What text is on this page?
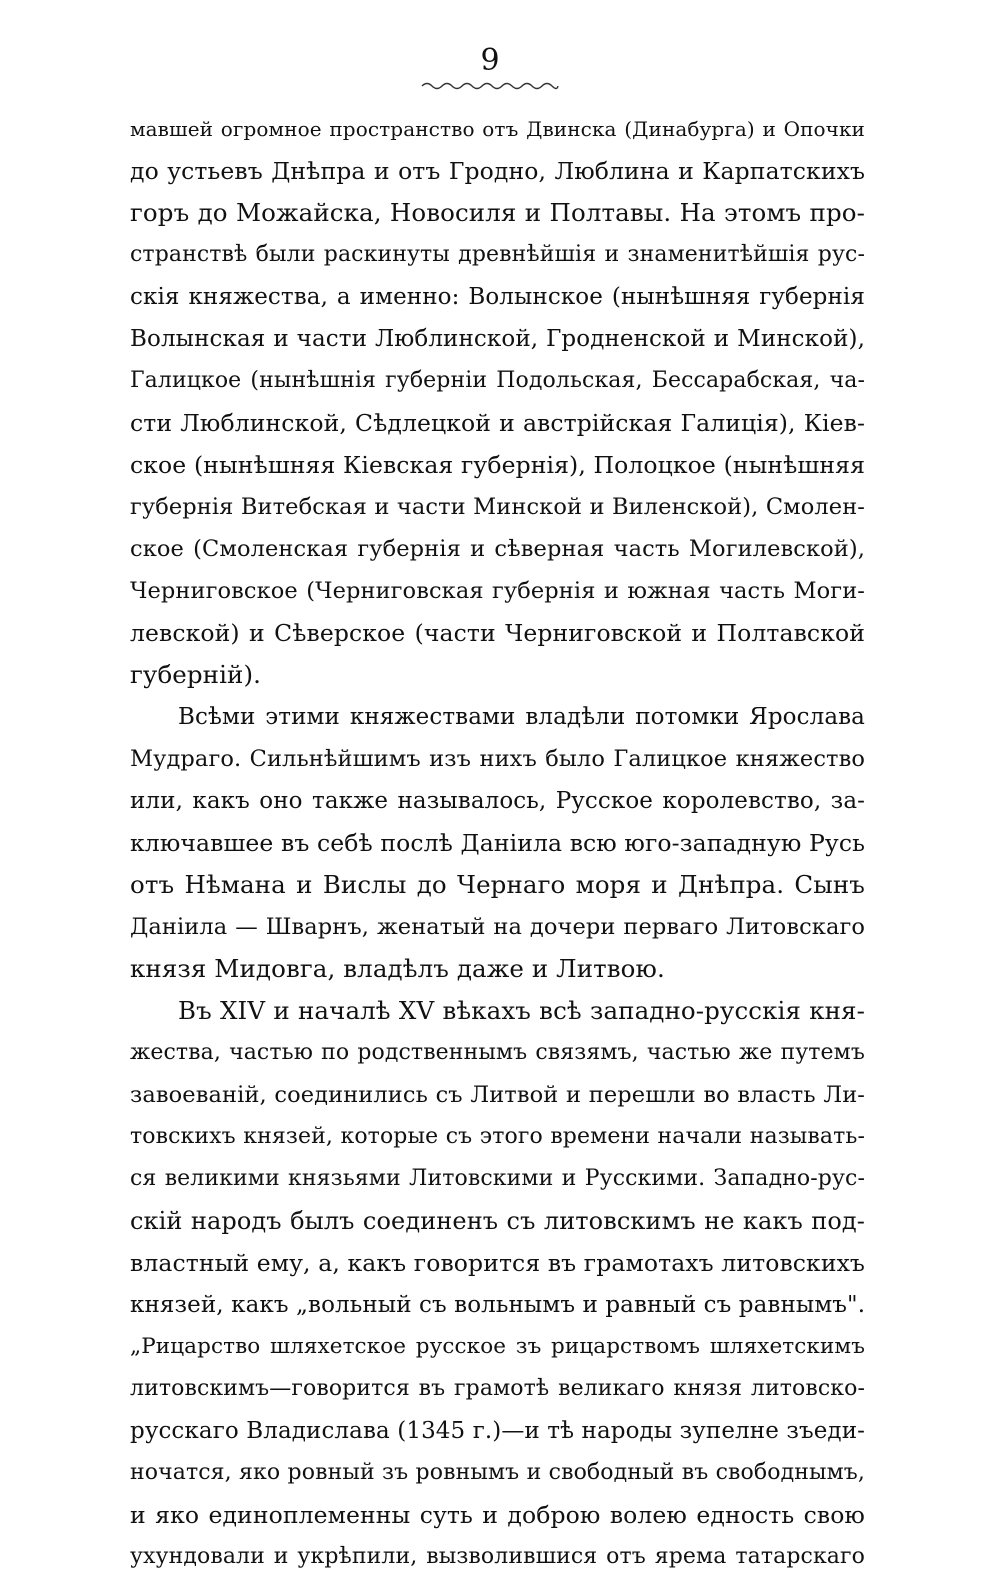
9
мавшей огромное пространство отъ Двинска (Динабурга) и Опочки
до устьевъ Днѣпра и отъ Гродно, Люблина и Карпатскихъ
горъ до Можайска, Новосиля и Полтавы. На этомъ про-
странствѣ были раскинуты древнѣйшія и знаменитѣйшія рус-
скія княжества, а именно: Волынское (нынѣшняя губернія
Волынская и части Люблинской, Гродненской и Минской),
Галицкое (нынѣшнія губерніи Подольская, Бессарабская, ча-
сти Люблинской, Сѣдлецкой и австрійская Галиція), Кіев-
ское (нынѣшняя Кіевская губернія), Полоцкое (нынѣшняя
губернія Витебская и части Минской и Виленской), Смолен-
ское (Смоленская губернія и сѣверная часть Могилевской),
Черниговское (Черниговская губернія и южная часть Моги-
левской) и Сѣверское (части Черниговской и Полтавской
губерній).
Всѣми этими княжествами владѣли потомки Ярослава
Мудраго. Сильнѣйшимъ изъ нихъ было Галицкое княжество
или, какъ оно также называлось, Русское королевство, за-
ключавшее въ себѣ послѣ Даніила всю юго-западную Русь
отъ Нѣмана и Вислы до Чернаго моря и Днѣпра. Сынъ
Даніила — Шварнъ, женатый на дочери перваго Литовскаго
князя Мидовга, владѣлъ даже и Литвою.
Въ XIV и началѣ XV вѣкахъ всѣ западно-русскія кня-
жества, частью по родственнымъ связямъ, частью же путемъ
завоеваній, соединились съ Литвой и перешли во власть Ли-
товскихъ князей, которые съ этого времени начали называть-
ся великими князьями Литовскими и Русскими. Западно-рус-
скій народъ былъ соединенъ съ литовскимъ не какъ под-
властный ему, а, какъ говорится въ грамотахъ литовскихъ
князей, какъ „вольный съ вольнымъ и равный съ равнымъ".
„Рицарство шляхетское русское зъ рицарствомъ шляхетскимъ
литовскимъ—говорится въ грамотѣ великаго князя литовско-
русскаго Владислава (1345 г.)—и тѣ народы зупелне зъеди-
ночатся, яко ровный зъ ровнымъ и свободный въ свободнымъ,
и яко единоплеменны суть и доброю волею едность свою
ухундовали и укрѣпили, вызволившися отъ ярема татарскаго
